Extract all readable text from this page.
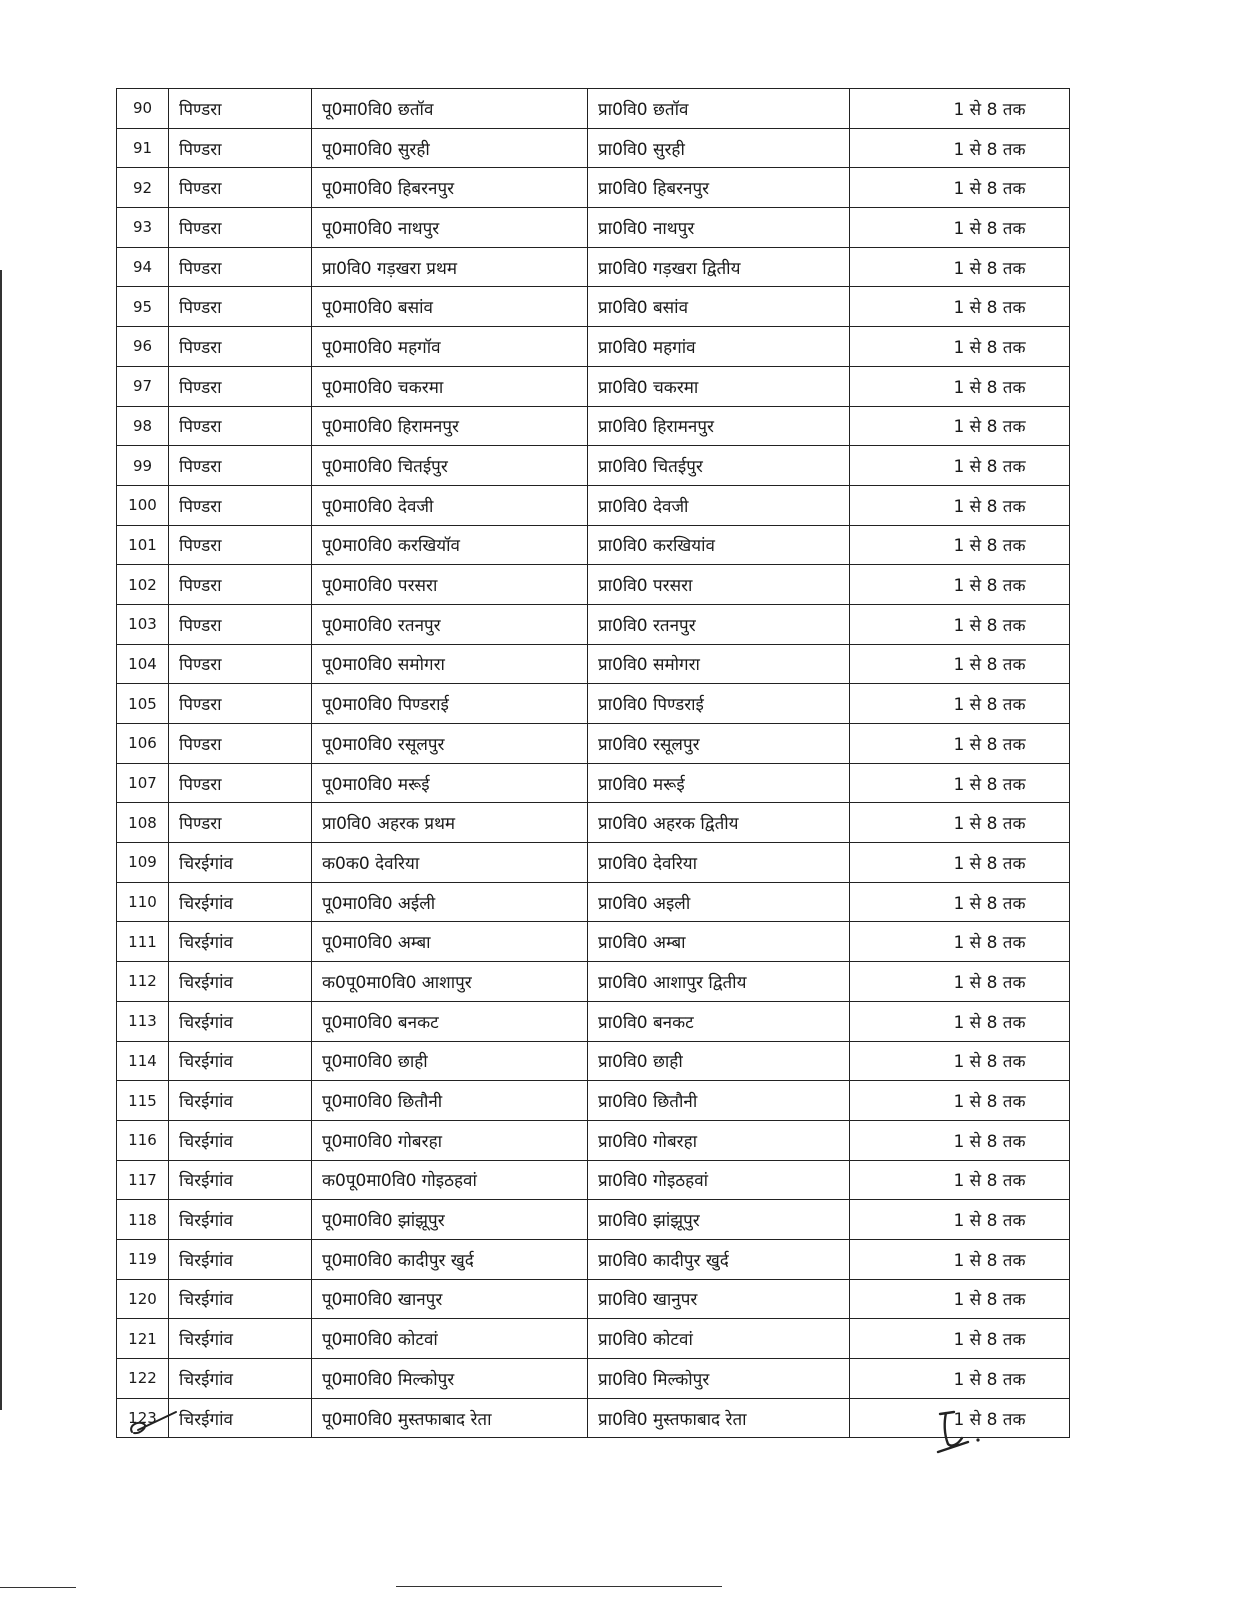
90	पिण्डरा	पू0मा0वि0 छतॉव	प्रा0वि0 छतॉव	1 से 8 तक
91	पिण्डरा	पू0मा0वि0 सुरही	प्रा0वि0 सुरही	1 से 8 तक
92	पिण्डरा	पू0मा0वि0 हिबरनपुर	प्रा0वि0 हिबरनपुर	1 से 8 तक
93	पिण्डरा	पू0मा0वि0 नाथपुर	प्रा0वि0 नाथपुर	1 से 8 तक
94	पिण्डरा	प्रा0वि0 गड़खरा प्रथम	प्रा0वि0 गड़खरा द्वितीय	1 से 8 तक
95	पिण्डरा	पू0मा0वि0 बसांव	प्रा0वि0 बसांव	1 से 8 तक
96	पिण्डरा	पू0मा0वि0 महगॉव	प्रा0वि0 महगांव	1 से 8 तक
97	पिण्डरा	पू0मा0वि0 चकरमा	प्रा0वि0 चकरमा	1 से 8 तक
98	पिण्डरा	पू0मा0वि0 हिरामनपुर	प्रा0वि0 हिरामनपुर	1 से 8 तक
99	पिण्डरा	पू0मा0वि0 चितईपुर	प्रा0वि0 चितईपुर	1 से 8 तक
100	पिण्डरा	पू0मा0वि0 देवजी	प्रा0वि0 देवजी	1 से 8 तक
101	पिण्डरा	पू0मा0वि0 करखियॉव	प्रा0वि0 करखियांव	1 से 8 तक
102	पिण्डरा	पू0मा0वि0 परसरा	प्रा0वि0 परसरा	1 से 8 तक
103	पिण्डरा	पू0मा0वि0 रतनपुर	प्रा0वि0 रतनपुर	1 से 8 तक
104	पिण्डरा	पू0मा0वि0 समोगरा	प्रा0वि0 समोगरा	1 से 8 तक
105	पिण्डरा	पू0मा0वि0 पिण्डराई	प्रा0वि0 पिण्डराई	1 से 8 तक
106	पिण्डरा	पू0मा0वि0 रसूलपुर	प्रा0वि0 रसूलपुर	1 से 8 तक
107	पिण्डरा	पू0मा0वि0 मरूई	प्रा0वि0 मरूई	1 से 8 तक
108	पिण्डरा	प्रा0वि0 अहरक प्रथम	प्रा0वि0 अहरक द्वितीय	1 से 8 तक
109	चिरईगांव	क0क0 देवरिया	प्रा0वि0 देवरिया	1 से 8 तक
110	चिरईगांव	पू0मा0वि0 अईली	प्रा0वि0 अइली	1 से 8 तक
111	चिरईगांव	पू0मा0वि0 अम्बा	प्रा0वि0 अम्बा	1 से 8 तक
112	चिरईगांव	क0पू0मा0वि0 आशापुर	प्रा0वि0 आशापुर द्वितीय	1 से 8 तक
113	चिरईगांव	पू0मा0वि0 बनकट	प्रा0वि0 बनकट	1 से 8 तक
114	चिरईगांव	पू0मा0वि0 छाही	प्रा0वि0 छाही	1 से 8 तक
115	चिरईगांव	पू0मा0वि0 छितौनी	प्रा0वि0 छितौनी	1 से 8 तक
116	चिरईगांव	पू0मा0वि0 गोबरहा	प्रा0वि0 गोबरहा	1 से 8 तक
117	चिरईगांव	क0पू0मा0वि0 गोइठहवां	प्रा0वि0 गोइठहवां	1 से 8 तक
118	चिरईगांव	पू0मा0वि0 झांझूपुर	प्रा0वि0 झांझूपुर	1 से 8 तक
119	चिरईगांव	पू0मा0वि0 कादीपुर खुर्द	प्रा0वि0 कादीपुर खुर्द	1 से 8 तक
120	चिरईगांव	पू0मा0वि0 खानपुर	प्रा0वि0 खानुपर	1 से 8 तक
121	चिरईगांव	पू0मा0वि0 कोटवां	प्रा0वि0 कोटवां	1 से 8 तक
122	चिरईगांव	पू0मा0वि0 मिल्कोपुर	प्रा0वि0 मिल्कोपुर	1 से 8 तक
123	चिरईगांव	पू0मा0वि0 मुस्तफाबाद रेता	प्रा0वि0 मुस्तफाबाद रेता	1 से 8 तक
